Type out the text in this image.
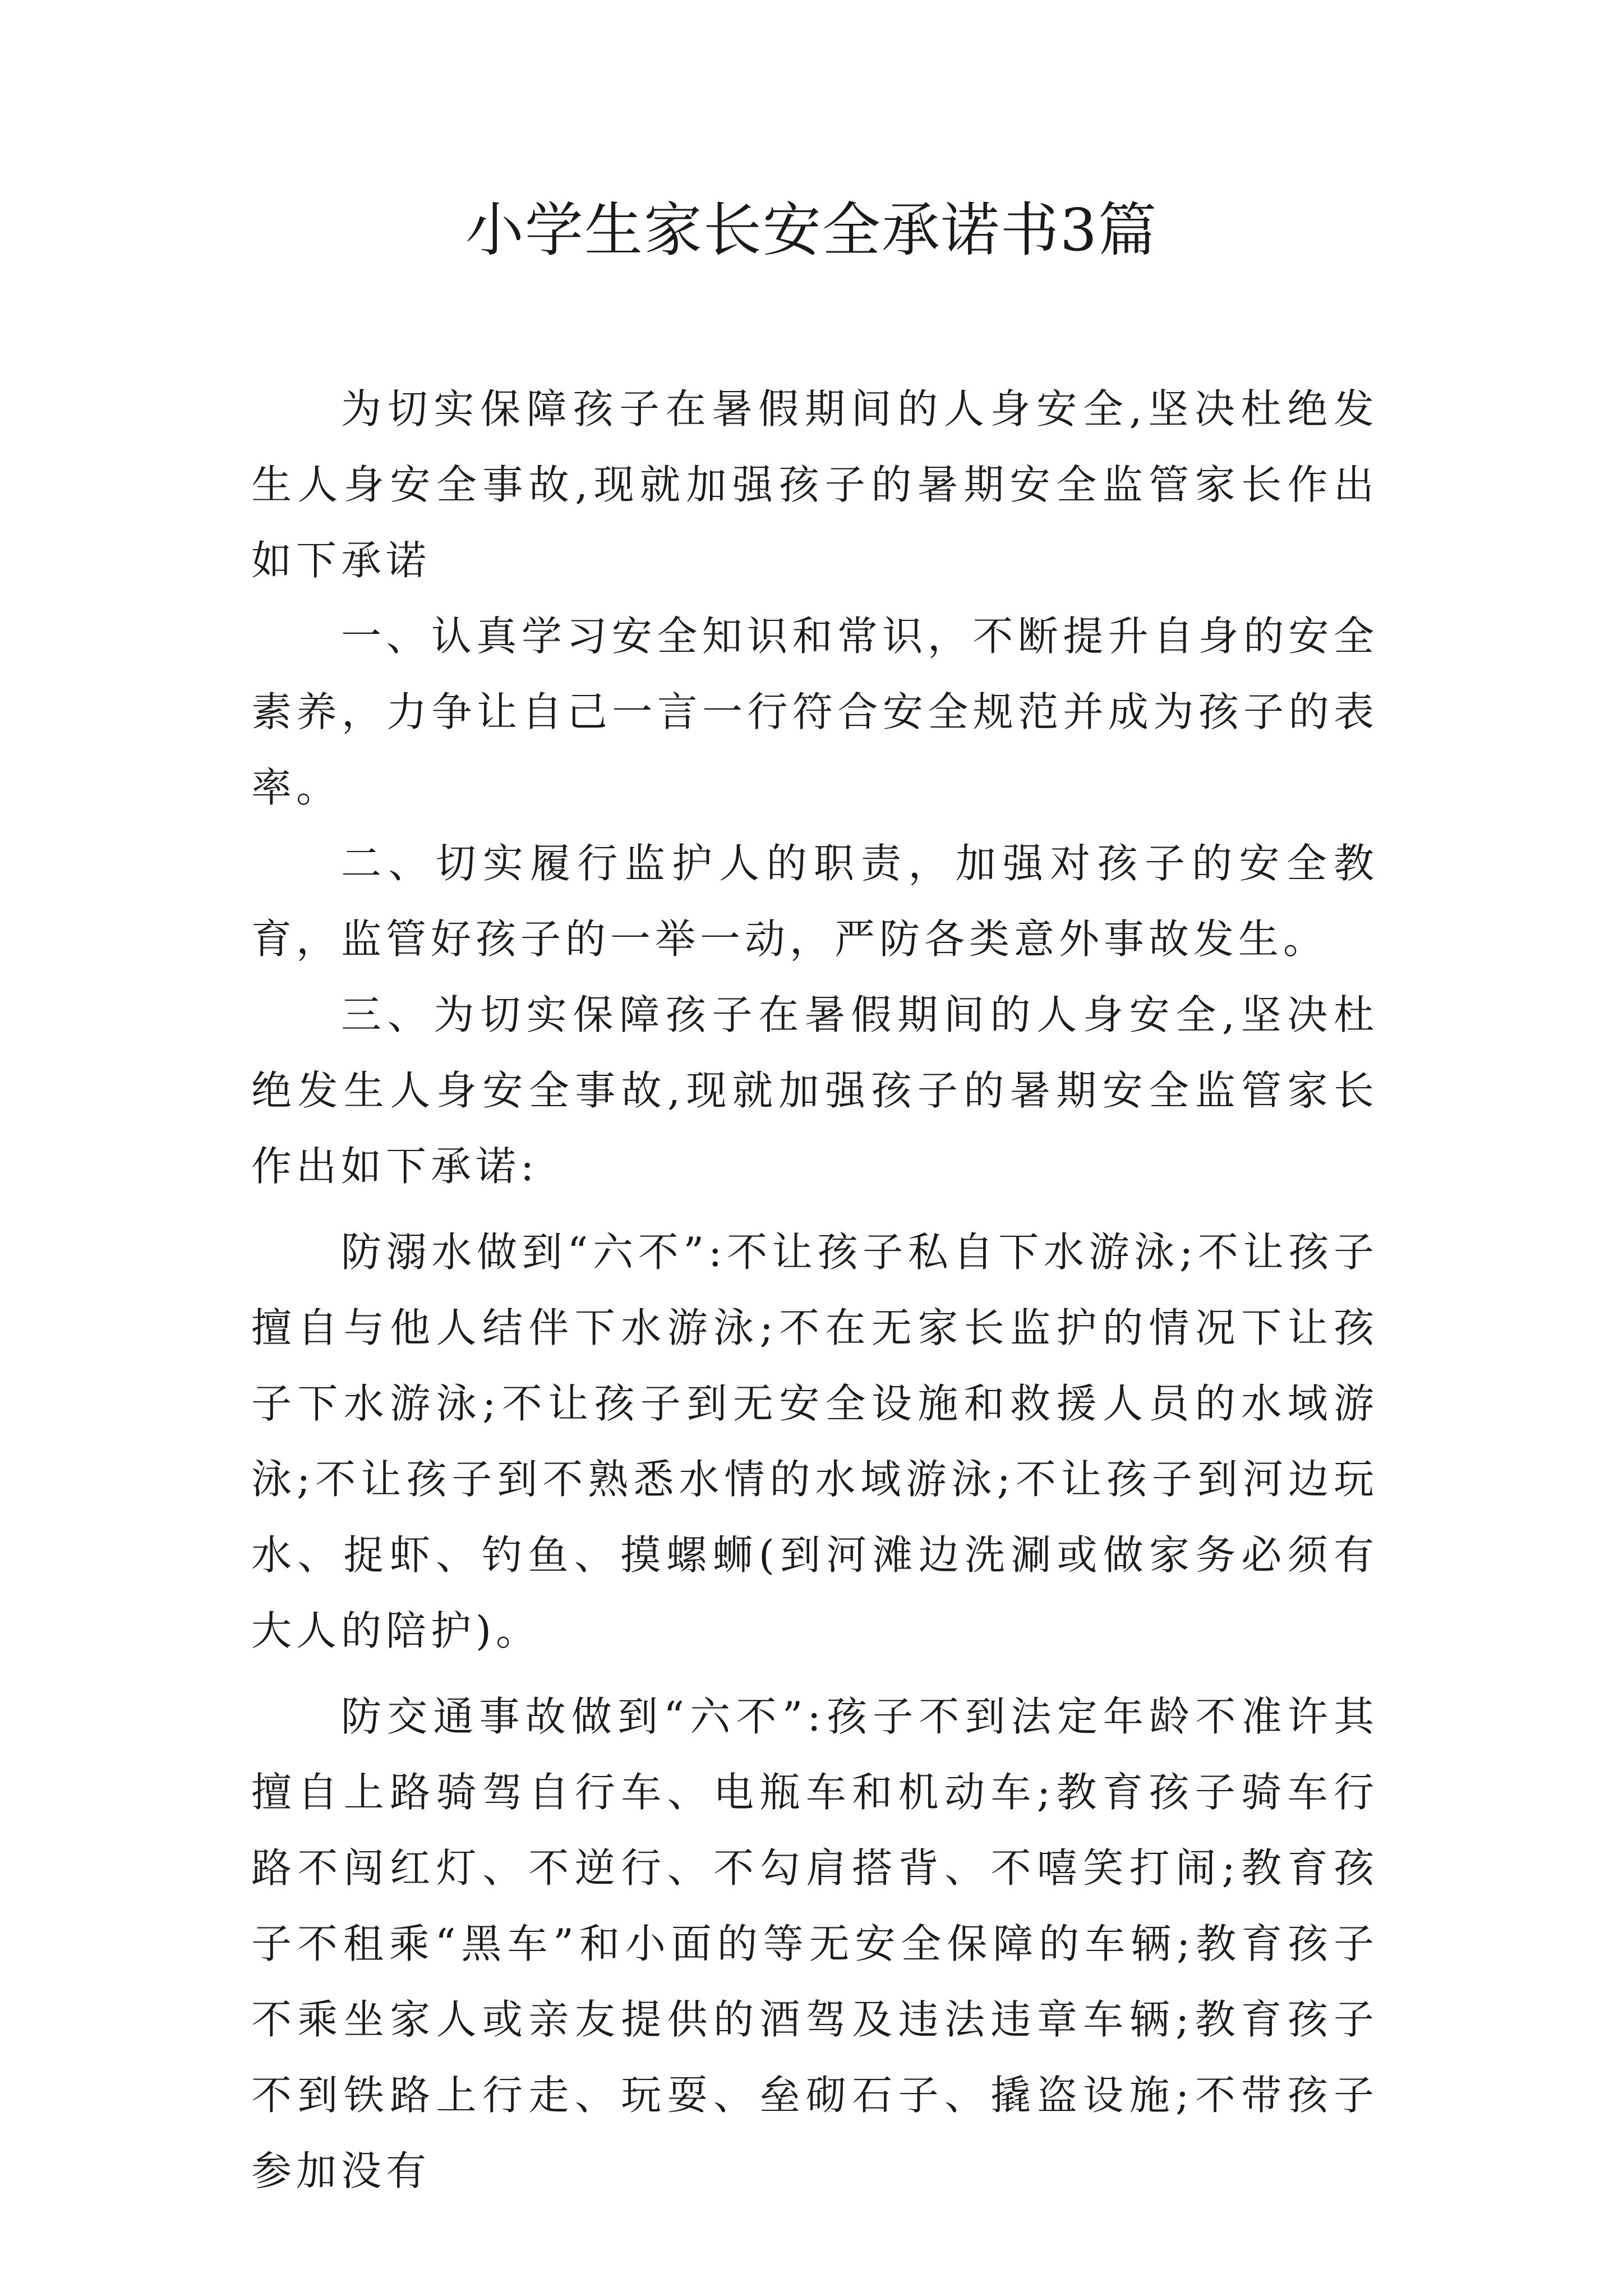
小学生家长安全承诺书3篇

为切实保障孩子在暑假期间的人身安全,坚决杜绝发生人身安全事故,现就加强孩子的暑期安全监管家长作出如下承诺

一、认真学习安全知识和常识，不断提升自身的安全素养，力争让自己一言一行符合安全规范并成为孩子的表率。

二、切实履行监护人的职责，加强对孩子的安全教育，监管好孩子的一举一动，严防各类意外事故发生。

三、为切实保障孩子在暑假期间的人身安全,坚决杜绝发生人身安全事故,现就加强孩子的暑期安全监管家长作出如下承诺:

防溺水做到“六不”:不让孩子私自下水游泳;不让孩子擅自与他人结伴下水游泳;不在无家长监护的情况下让孩子下水游泳;不让孩子到无安全设施和救援人员的水域游泳;不让孩子到不熟悉水情的水域游泳;不让孩子到河边玩水、捉虾、钓鱼、摸螺蛳(到河滩边洗涮或做家务必须有大人的陪护)。

防交通事故做到“六不”:孩子不到法定年龄不准许其擅自上路骑驾自行车、电瓶车和机动车;教育孩子骑车行路不闯红灯、不逆行、不勾肩搭背、不嘻笑打闹;教育孩子不租乘“黑车”和小面的等无安全保障的车辆;教育孩子不乘坐家人或亲友提供的酒驾及违法违章车辆;教育孩子不到铁路上行走、玩耍、垒砌石子、撬盗设施;不带孩子参加没有
